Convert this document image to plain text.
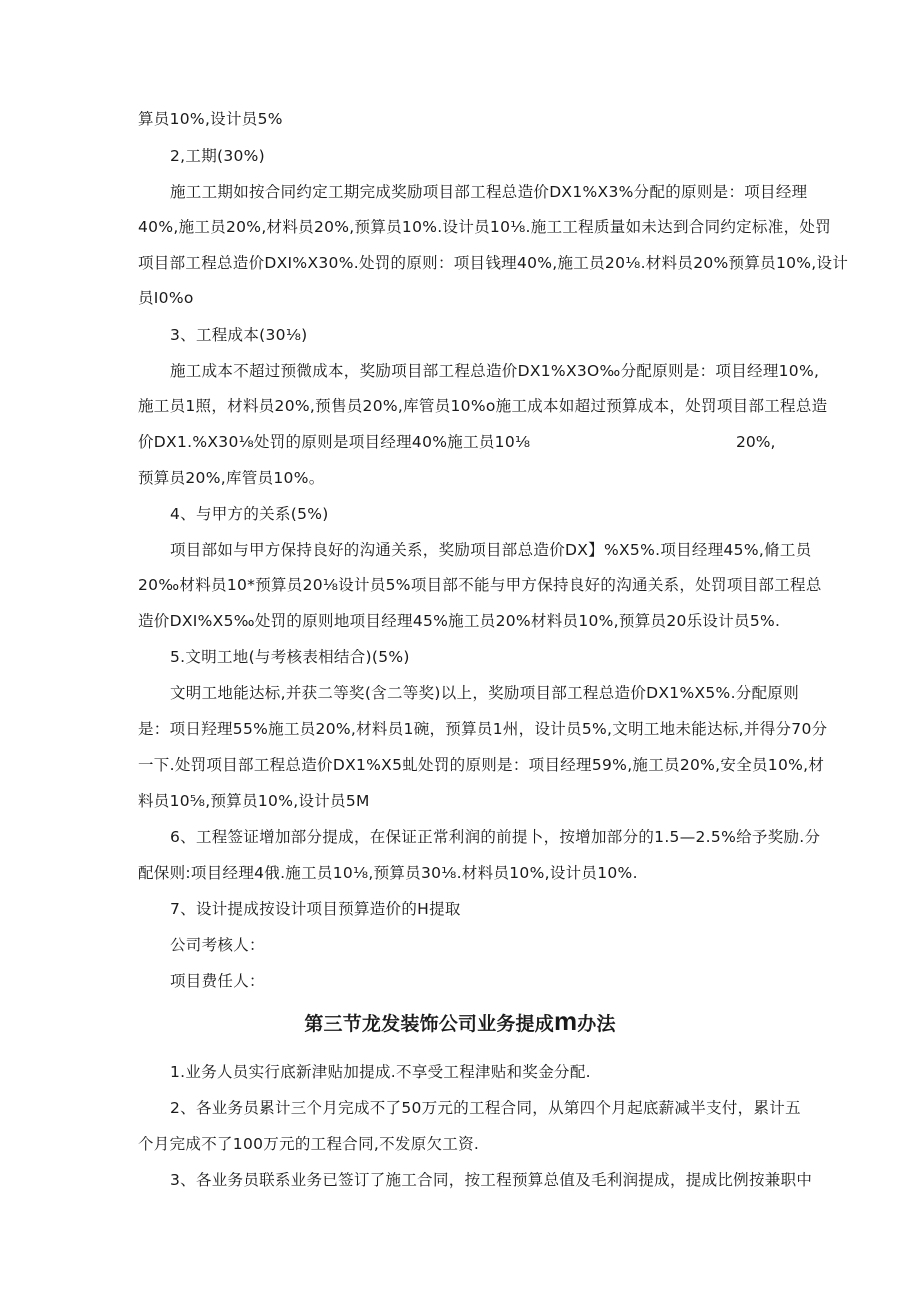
算员10%,设计员5%
2,工期(30%)
施工工期如按合同约定工期完成奖励项目部工程总造价DX1%X3%分配的原则是：项目经理
40%,施工员20%,材料员20%,预算员10%.设计员10⅛.施工工程质量如未达到合同约定标准，处罚
项目部工程总造价DXI%X30%.处罚的原则：项目钱理40%,施工员20⅛.材料员20%预算员10%,设计
员I0%o
3、工程成本(30⅛)
施工成本不超过预微成本，奖励项目部工程总造价DX1%X3O‰分配原则是：项目经理10%,
施工员1照，材料员20%,预售员20%,库管员10%o施工成本如超过预算成本，处罚项目部工程总造
价DX1.%X30⅛处罚的原则是项目经理40%施工员10⅛	20%,
预算员20%,库管员10%。
4、与甲方的关系(5%)
项目部如与甲方保持良好的沟通关系，奖励项目部总造价DX】%X5%.项目经理45%,脩工员
20‰材料员10*预算员20⅛设计员5%项目部不能与甲方保持良好的沟通关系，处罚项目部工程总
造价DXI%X5‰处罚的原则地项目经理45%施工员20%材料员10%,预算员20乐设计员5%.
5.文明工地(与考核表相结合)(5%)
文明工地能达标,并获二等奖(含二等奖)以上，奖励项目部工程总造价DX1%X5%.分配原则
是：项日羟理55%施工员20%,材料员1碗，预算员1州，设计员5%,文明工地未能达标,并得分70分
一下.处罚项目部工程总造价DX1%X5虬处罚的原则是：项目经理59%,施工员20%,安全员10%,材
料员10⅝,预算员10%,设计员5M
6、工程签证增加部分提成，在保证正常利润的前提卜，按增加部分的1.5—2.5%给予奖励.分
配保则:项目经理4俄.施工员10⅛,预算员30⅛.材料员10%,设计员10%.
7、设计提成按设计项目预算造价的H提取
公司考核人：
项目费任人：
第三节龙发装饰公司业务提成m办法
1.业务人员实行底新津贴加提成.不享受工程津贴和奖金分配.
2、各业务员累计三个月完成不了50万元的工程合同，从第四个月起底薪减半支付，累计五
个月完成不了100万元的工程合同,不发原欠工资.
3、各业务员联系业务已签订了施工合同，按工程预算总值及毛利润提成，提成比例按兼职中
